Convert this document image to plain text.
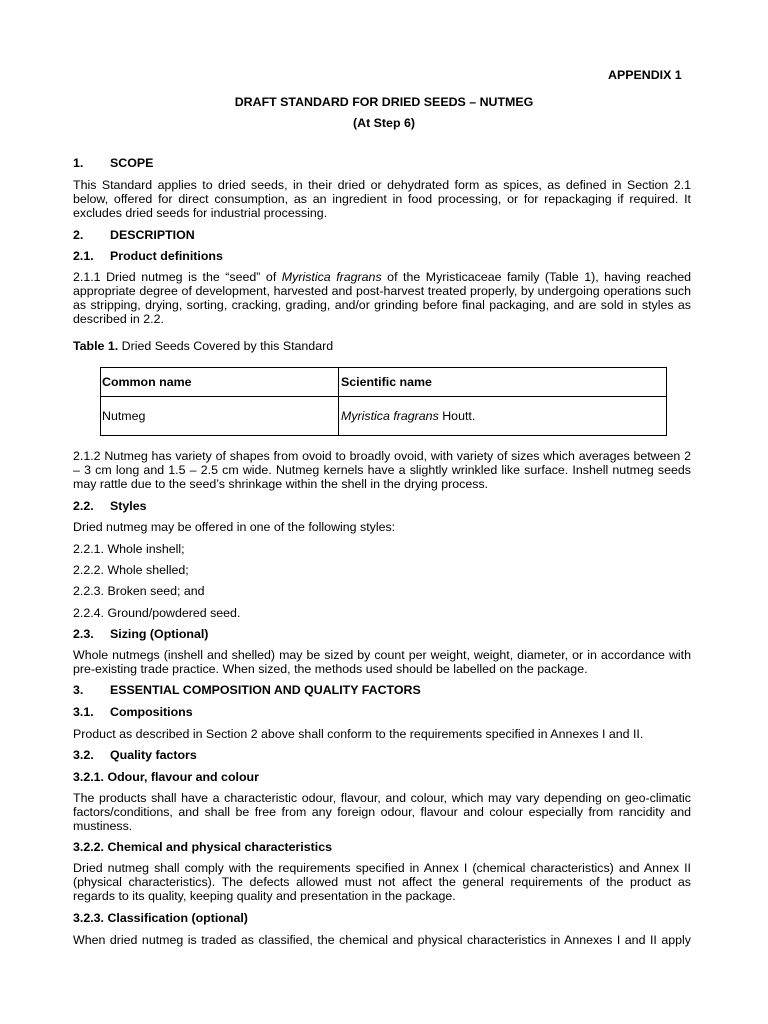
APPENDIX 1
DRAFT STANDARD FOR DRIED SEEDS – NUTMEG
(At Step 6)
1. SCOPE
This Standard applies to dried seeds, in their dried or dehydrated form as spices, as defined in Section 2.1 below, offered for direct consumption, as an ingredient in food processing, or for repackaging if required. It excludes dried seeds for industrial processing.
2. DESCRIPTION
2.1. Product definitions
2.1.1 Dried nutmeg is the “seed” of Myristica fragrans of the Myristicaceae family (Table 1), having reached appropriate degree of development, harvested and post-harvest treated properly, by undergoing operations such as stripping, drying, sorting, cracking, grading, and/or grinding before final packaging, and are sold in styles as described in 2.2.
Table 1. Dried Seeds Covered by this Standard
Common name	Scientific name
Nutmeg	Myristica fragrans Houtt.
2.1.2 Nutmeg has variety of shapes from ovoid to broadly ovoid, with variety of sizes which averages between 2 – 3 cm long and 1.5 – 2.5 cm wide. Nutmeg kernels have a slightly wrinkled like surface. Inshell nutmeg seeds may rattle due to the seed’s shrinkage within the shell in the drying process.
2.2. Styles
Dried nutmeg may be offered in one of the following styles:
2.2.1. Whole inshell;
2.2.2. Whole shelled;
2.2.3. Broken seed; and
2.2.4. Ground/powdered seed.
2.3. Sizing (Optional)
Whole nutmegs (inshell and shelled) may be sized by count per weight, weight, diameter, or in accordance with pre-existing trade practice. When sized, the methods used should be labelled on the package.
3. ESSENTIAL COMPOSITION AND QUALITY FACTORS
3.1. Compositions
Product as described in Section 2 above shall conform to the requirements specified in Annexes I and II.
3.2. Quality factors
3.2.1. Odour, flavour and colour
The products shall have a characteristic odour, flavour, and colour, which may vary depending on geo-climatic factors/conditions, and shall be free from any foreign odour, flavour and colour especially from rancidity and mustiness.
3.2.2. Chemical and physical characteristics
Dried nutmeg shall comply with the requirements specified in Annex I (chemical characteristics) and Annex II (physical characteristics). The defects allowed must not affect the general requirements of the product as regards to its quality, keeping quality and presentation in the package.
3.2.3. Classification (optional)
When dried nutmeg is traded as classified, the chemical and physical characteristics in Annexes I and II apply
